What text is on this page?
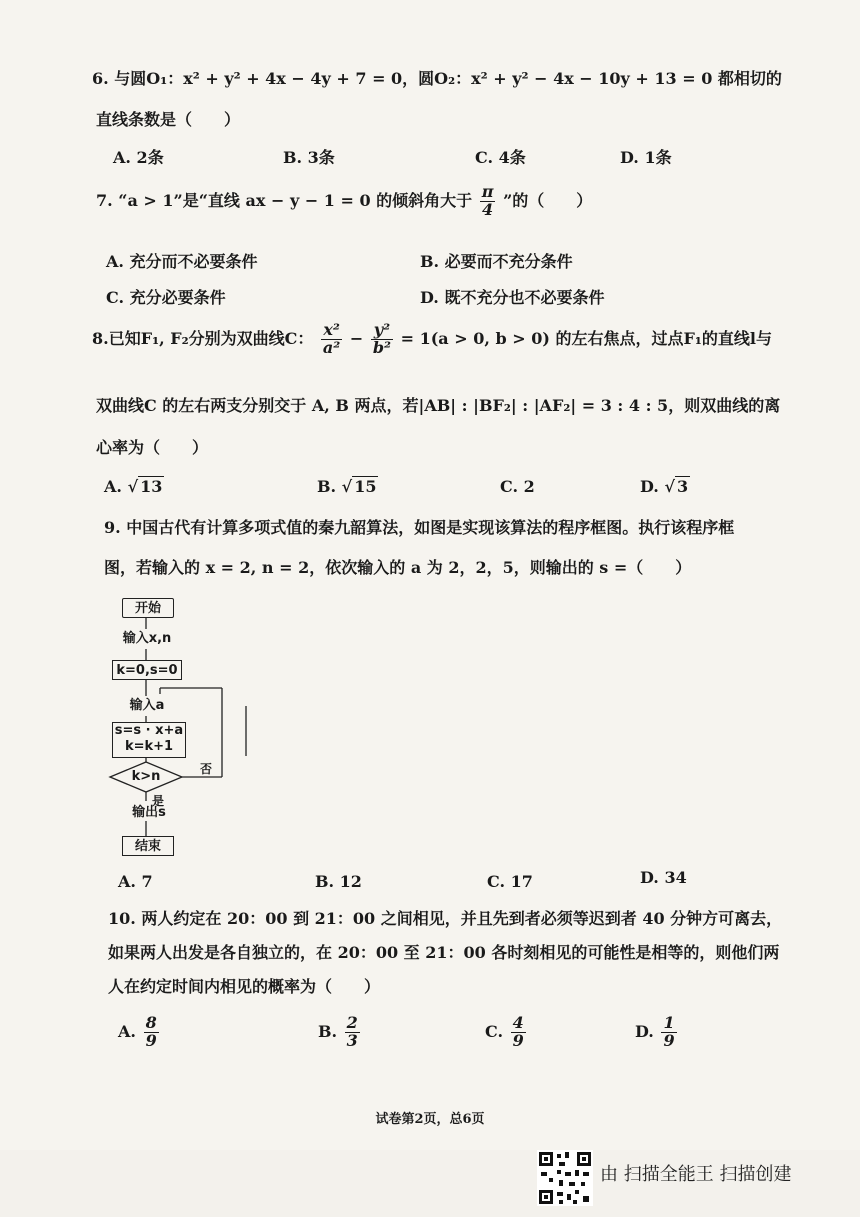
6. 与圆O₁：x² + y² + 4x − 4y + 7 = 0，圆O₂：x² + y² − 4x − 10y + 13 = 0 都相切的
直线条数是（　　）
A. 2条	B. 3条	C. 4条	D. 1条
7. “a > 1”是“直线 ax − y − 1 = 0 的倾斜角大于 $\frac{\pi}{4}$ ”的（　　）
A. 充分而不必要条件	B. 必要而不充分条件
C. 充分必要条件	D. 既不充分也不必要条件
8.已知F₁, F₂分别为双曲线C： $\frac{\text{x²}}{\text{a²}} - \frac{\text{y²}}{\text{b²}} = 1(a > 0$, b > 0) 的左右焦点，过点F₁的直线l与
双曲线C 的左右两支分别交于 A, B 两点，若|AB| : |BF₂| : |AF₂| = 3 : 4 : 5，则双曲线的离
心率为（　　）
A. √ 13	B. √ 15	C. 2	D. √ 3
9. 中国古代有计算多项式值的秦九韶算法，如图是实现该算法的程序框图。执行该程序框
图，若输入的 x = 2, n = 2，依次输入的 a 为 2，2，5，则输出的 s =（　　）
开始
输入x,n
k=0,s=0
输入a
s=s · x+a
k=k+1
k>n	否
是
输出s
结束
A. 7	B. 12	C. 17	D. 34
10. 两人约定在 20：00 到 21：00 之间相见，并且先到者必须等迟到者 40 分钟方可离去，
如果两人出发是各自独立的，在 20：00 至 21：00 各时刻相见的可能性是相等的，则他们两
人在约定时间内相见的概率为（　　）
A. $\frac{8}{9}$	B. $\frac{2}{3}$	C. $\frac{4}{9}$	D. $\frac{1}{9}$
试卷第2页，总6页
由 扫描全能王 扫描创建
